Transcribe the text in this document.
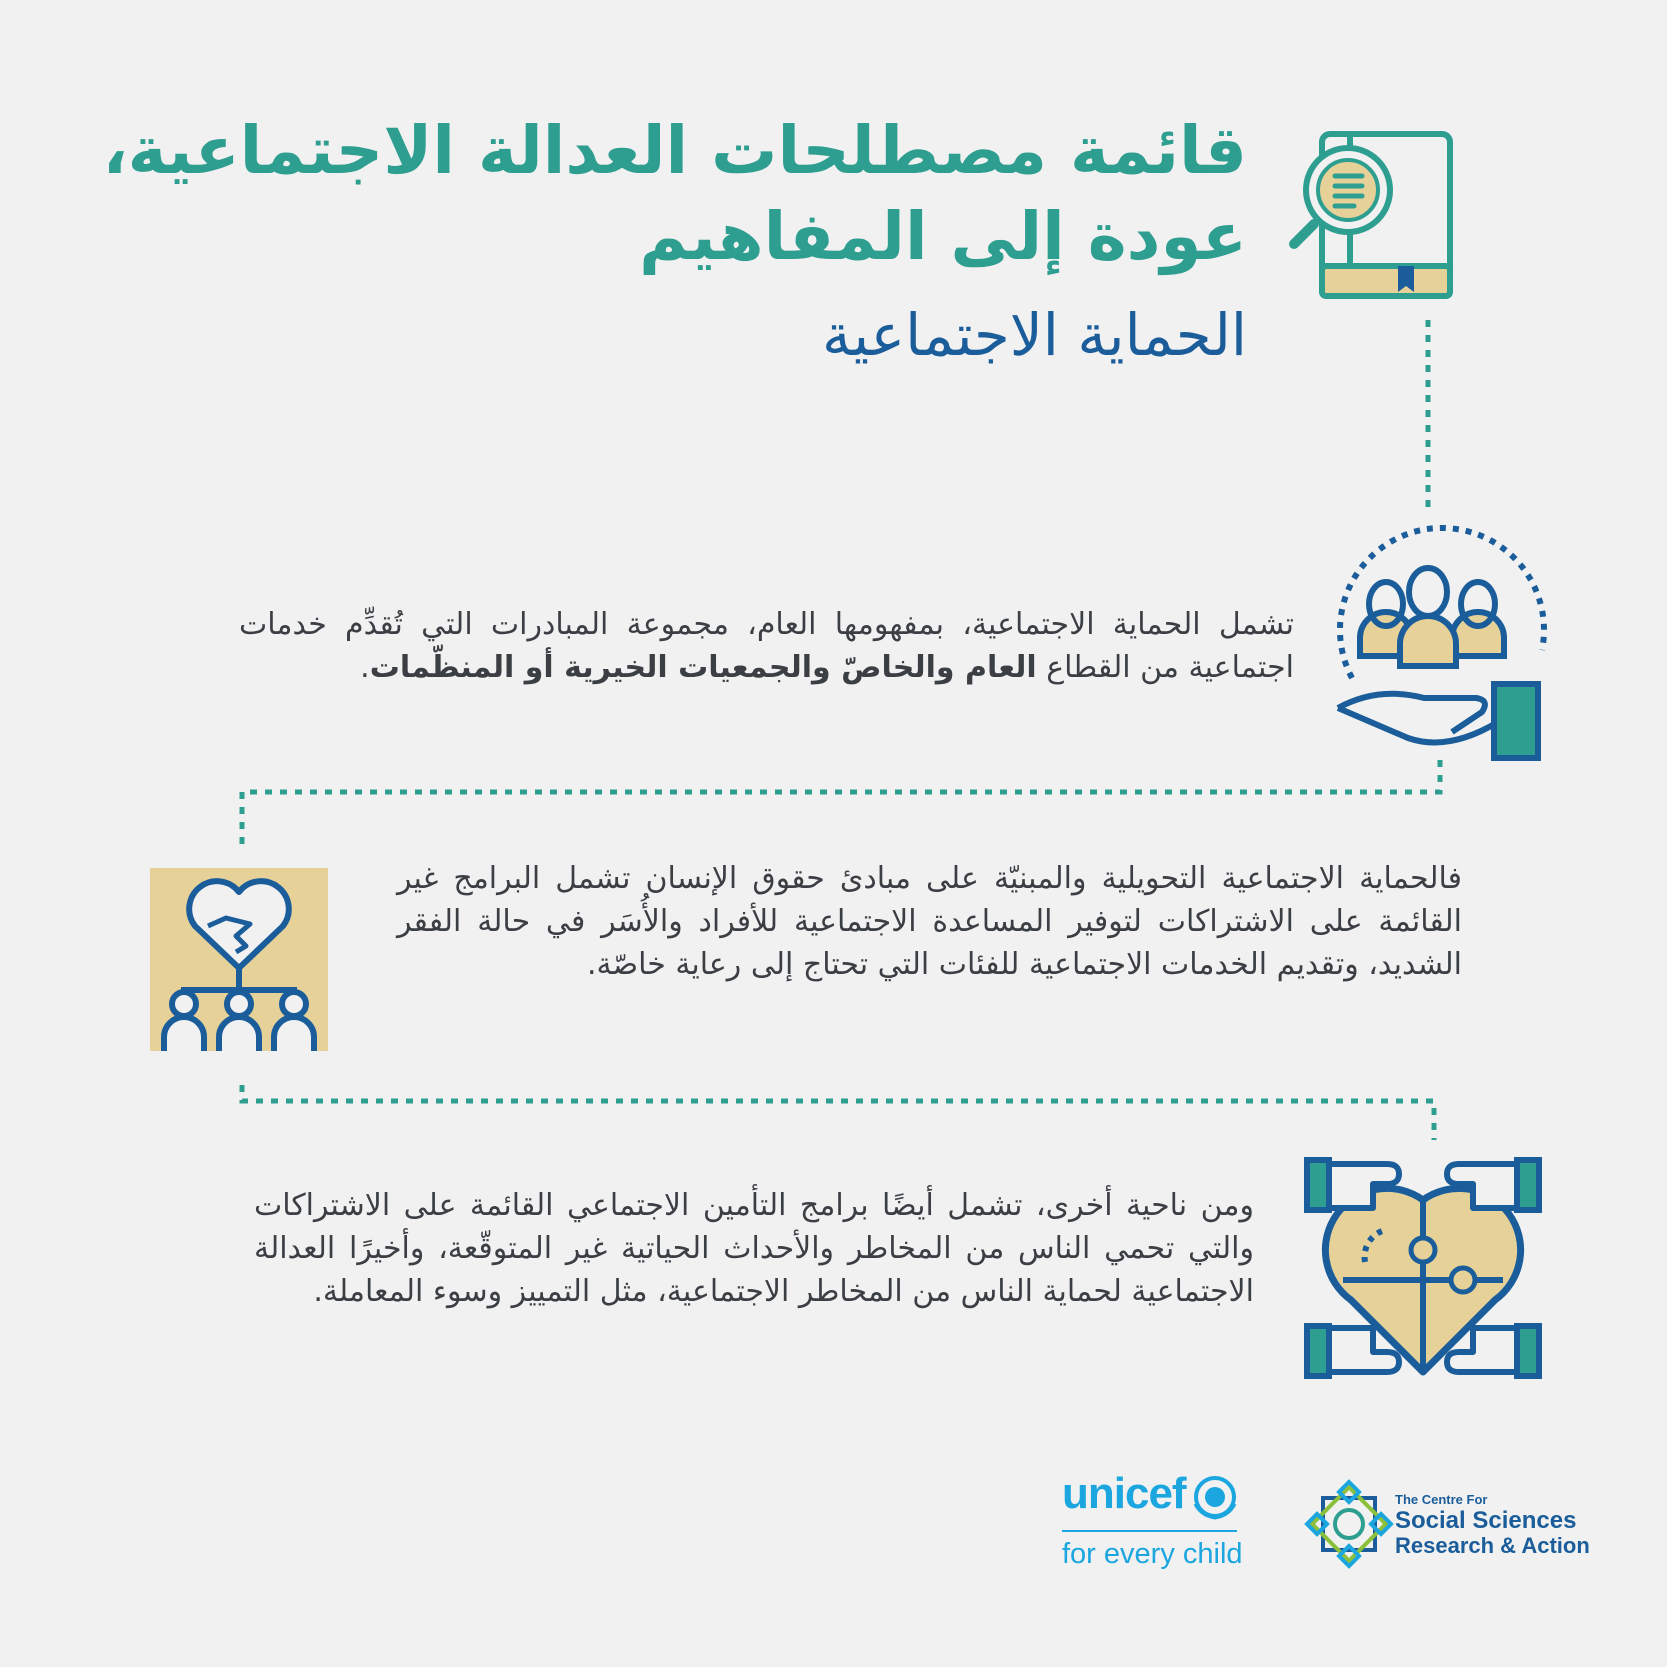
قائمة مصطلحات العدالة الاجتماعية،
عودة إلى المفاهيم
الحماية الاجتماعية
تشمل الحماية الاجتماعية، بمفهومها العام، مجموعة المبادرات التي تُقدِّم خدمات اجتماعية من القطاع العام والخاصّ والجمعيات الخيرية أو المنظّمات.
فالحماية الاجتماعية التحويلية والمبنيّة على مبادئ حقوق الإنسان تشمل البرامج غير القائمة على الاشتراكات لتوفير المساعدة الاجتماعية للأفراد والأُسَر في حالة الفقر الشديد، وتقديم الخدمات الاجتماعية للفئات التي تحتاج إلى رعاية خاصّة.
ومن ناحية أخرى، تشمل أيضًا برامج التأمين الاجتماعي القائمة على الاشتراكات والتي تحمي الناس من المخاطر والأحداث الحياتية غير المتوقّعة، وأخيرًا العدالة الاجتماعية لحماية الناس من المخاطر الاجتماعية، مثل التمييز وسوء المعاملة.
unicef
for every child
The Centre For
Social Sciences
Research & Action
